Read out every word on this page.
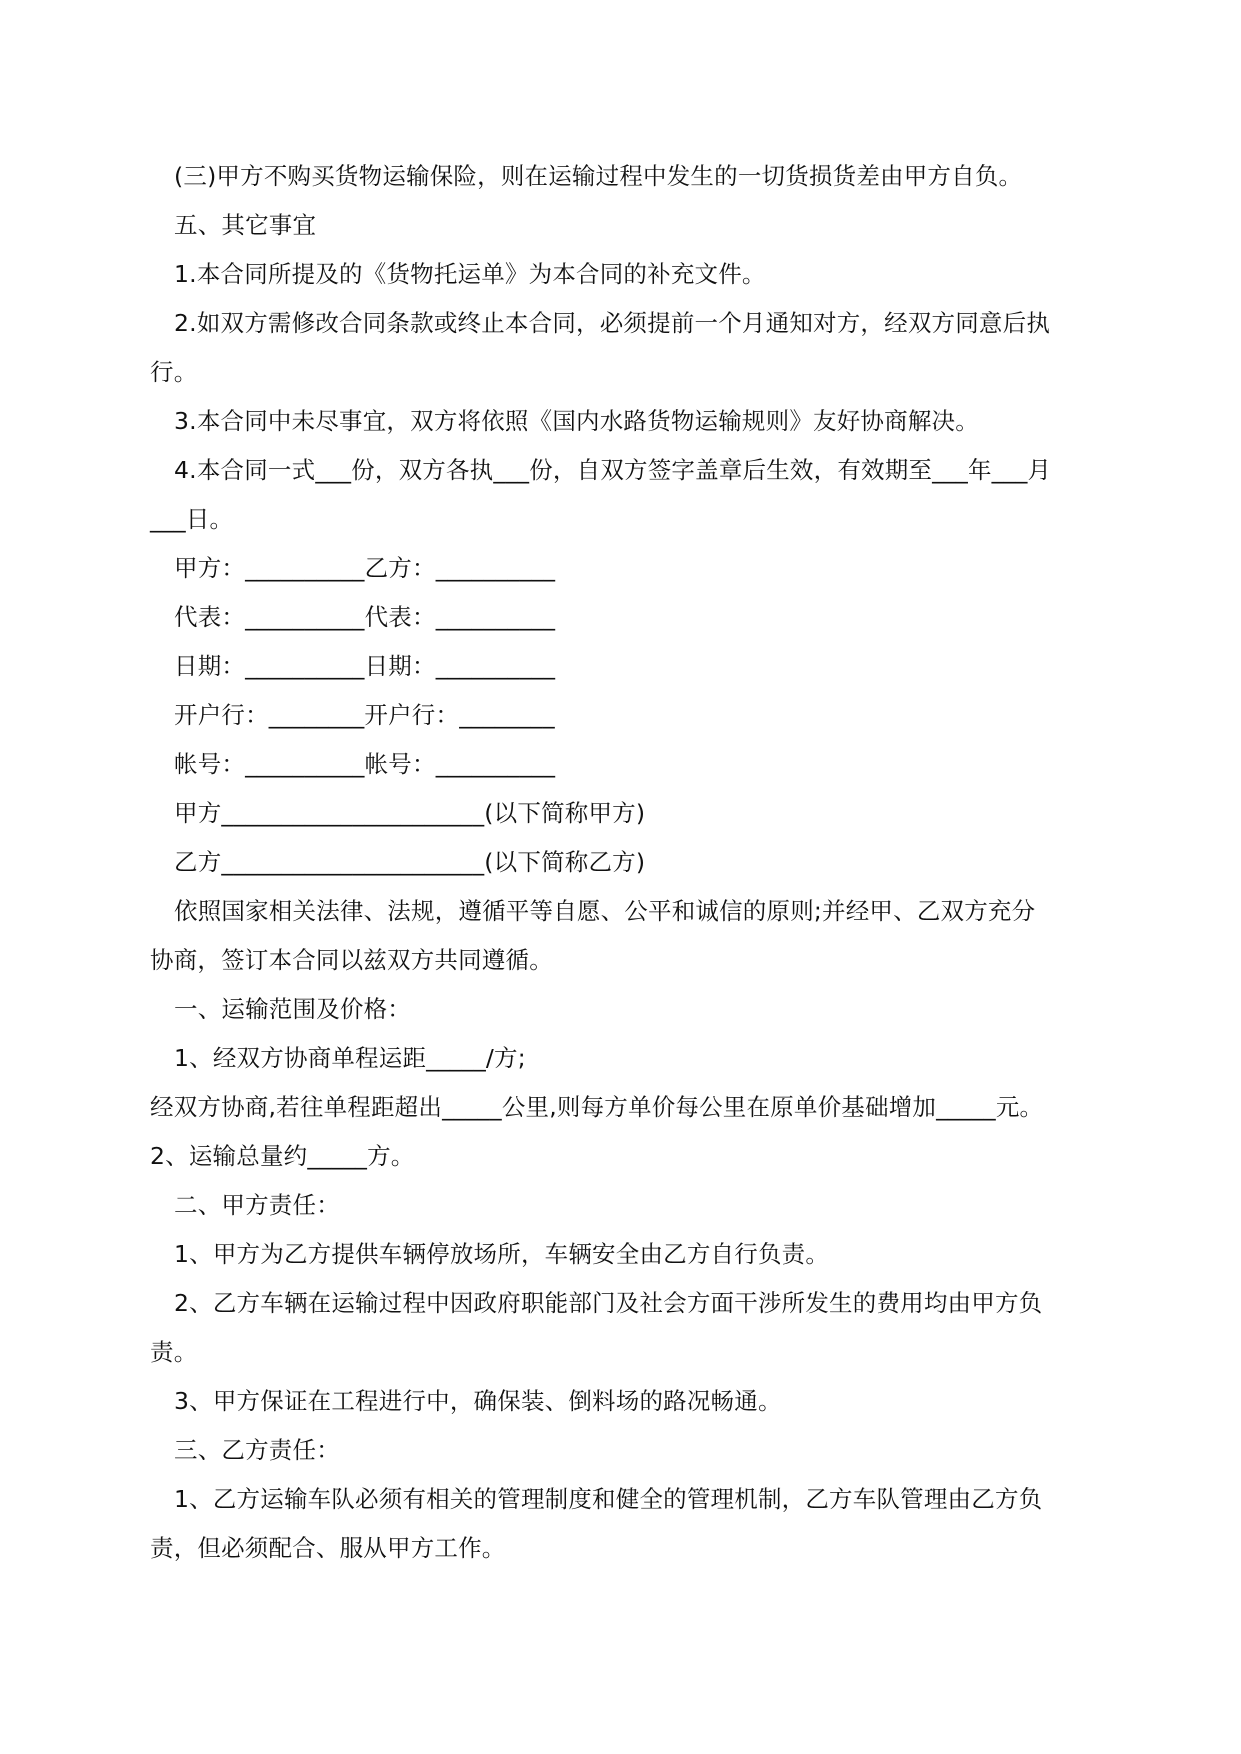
(三)甲方不购买货物运输保险，则在运输过程中发生的一切货损货差由甲方自负。
五、其它事宜
1.本合同所提及的《货物托运单》为本合同的补充文件。
2.如双方需修改合同条款或终止本合同，必须提前一个月通知对方，经双方同意后执
行。
3.本合同中未尽事宜，双方将依照《国内水路货物运输规则》友好协商解决。
4.本合同一式___份，双方各执___份，自双方签字盖章后生效，有效期至___年___月
___日。
甲方：__________乙方：__________
代表：__________代表：__________
日期：__________日期：__________
开户行：________开户行：________
帐号：__________帐号：__________
甲方______________________(以下简称甲方)
乙方______________________(以下简称乙方)
依照国家相关法律、法规，遵循平等自愿、公平和诚信的原则;并经甲、乙双方充分
协商，签订本合同以兹双方共同遵循。
一、运输范围及价格：
1、经双方协商单程运距_____/方;
经双方协商,若往单程距超出_____公里,则每方单价每公里在原单价基础增加_____元。
2、运输总量约_____方。
二、甲方责任：
1、甲方为乙方提供车辆停放场所，车辆安全由乙方自行负责。
2、乙方车辆在运输过程中因政府职能部门及社会方面干涉所发生的费用均由甲方负
责。
3、甲方保证在工程进行中，确保装、倒料场的路况畅通。
三、乙方责任：
1、乙方运输车队必须有相关的管理制度和健全的管理机制，乙方车队管理由乙方负
责，但必须配合、服从甲方工作。
